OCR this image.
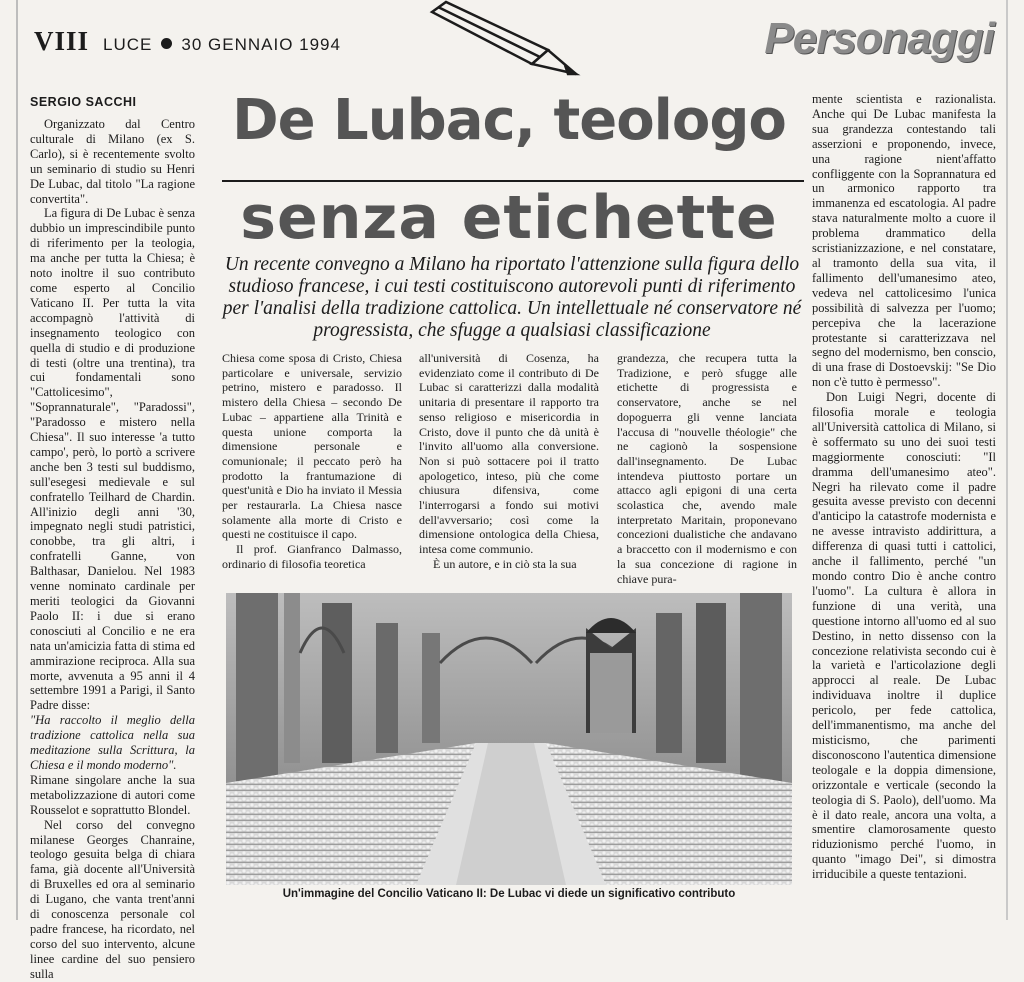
VIII LUCE 30 GENNAIO 1994	Personaggi
SERGIO SACCHI

Organizzato dal Centro culturale di Milano (ex S. Carlo), si è recentemente svolto un seminario di studio su Henri De Lubac, dal titolo "La ragione convertita".

La figura di De Lubac è senza dubbio un imprescindibile punto di riferimento per la teologia, ma anche per tutta la Chiesa; è noto inoltre il suo contributo come esperto al Concilio Vaticano II. Per tutta la vita accompagnò l'attività di insegnamento teologico con quella di studio e di produzione di testi (oltre una trentina), tra cui fondamentali sono "Cattolicesimo", "Soprannaturale", "Paradossi", "Paradosso e mistero nella Chiesa". Il suo interesse 'a tutto campo', però, lo portò a scrivere anche ben 3 testi sul buddismo, sull'esegesi medievale e sul confratello Teilhard de Chardin. All'inizio degli anni '30, impegnato negli studi patristici, conobbe, tra gli altri, i confratelli Ganne, von Balthasar, Danielou. Nel 1983 venne nominato cardinale per meriti teologici da Giovanni Paolo II: i due si erano conosciuti al Concilio e ne era nata un'amicizia fatta di stima ed ammirazione reciproca. Alla sua morte, avvenuta a 95 anni il 4 settembre 1991 a Parigi, il Santo Padre disse:

"Ha raccolto il meglio della tradizione cattolica nella sua meditazione sulla Scrittura, la Chiesa e il mondo moderno".

Rimane singolare anche la sua metabolizzazione di autori come Rousselot e soprattutto Blondel.

Nel corso del convegno milanese Georges Chanraine, teologo gesuita belga di chiara fama, già docente all'Università di Bruxelles ed ora al seminario di Lugano, che vanta trent'anni di conoscenza personale col padre francese, ha ricordato, nel corso del suo intervento, alcune linee cardine del suo pensiero sulla

De Lubac, teologo
senza etichette
Un recente convegno a Milano ha riportato l'attenzione sulla figura dello studioso francese, i cui testi costituiscono autorevoli punti di riferimento per l'analisi della tradizione cattolica. Un intellettuale né conservatore né progressista, che sfugge a qualsiasi classificazione

Chiesa come sposa di Cristo, Chiesa particolare e universale, servizio petrino, mistero e paradosso. Il mistero della Chiesa – secondo De Lubac – appartiene alla Trinità e questa unione comporta la dimensione personale e comunionale; il peccato però ha prodotto la frantumazione di quest'unità e Dio ha inviato il Messia per restaurarla. La Chiesa nasce solamente alla morte di Cristo e questi ne costituisce il capo.

Il prof. Gianfranco Dalmasso, ordinario di filosofia teoretica

all'università di Cosenza, ha evidenziato come il contributo di De Lubac si caratterizzi dalla modalità unitaria di presentare il rapporto tra senso religioso e misericordia in Cristo, dove il punto che dà unità è l'invito all'uomo alla conversione. Non si può sottacere poi il tratto apologetico, inteso, più che come chiusura difensiva, come l'interrogarsi a fondo sui motivi dell'avversario; così come la dimensione ontologica della Chiesa, intesa come communio.

È un autore, e in ciò sta la sua

grandezza, che recupera tutta la Tradizione, e però sfugge alle etichette di progressista e conservatore, anche se nel dopoguerra gli venne lanciata l'accusa di "nouvelle théologie" che ne cagionò la sospensione dall'insegnamento. De Lubac intendeva piuttosto portare un attacco agli epigoni di una certa scolastica che, avendo male interpretato Maritain, proponevano concezioni dualistiche che andavano a braccetto con il modernismo e con la sua concezione di ragione in chiave pura-

Un'immagine del Concilio Vaticano II: De Lubac vi diede un significativo contributo

mente scientista e razionalista. Anche qui De Lubac manifesta la sua grandezza contestando tali asserzioni e proponendo, invece, una ragione nient'affatto confliggente con la Soprannatura ed un armonico rapporto tra immanenza ed escatologia. Al padre stava naturalmente molto a cuore il problema drammatico della scristianizzazione, e nel constatare, al tramonto della sua vita, il fallimento dell'umanesimo ateo, vedeva nel cattolicesimo l'unica possibilità di salvezza per l'uomo; percepiva che la lacerazione protestante si caratterizzava nel segno del modernismo, ben conscio, di una frase di Dostoevskij: "Se Dio non c'è tutto è permesso".

Don Luigi Negri, docente di filosofia morale e teologia all'Università cattolica di Milano, si è soffermato su uno dei suoi testi maggiormente conosciuti: "Il dramma dell'umanesimo ateo". Negri ha rilevato come il padre gesuita avesse previsto con decenni d'anticipo la catastrofe modernista e ne avesse intravisto addirittura, a differenza di quasi tutti i cattolici, anche il fallimento, perché "un mondo contro Dio è anche contro l'uomo". La cultura è allora in funzione di una verità, una questione intorno all'uomo ed al suo Destino, in netto dissenso con la concezione relativista secondo cui è la varietà e l'articolazione degli approcci al reale. De Lubac individuava inoltre il duplice pericolo, per fede cattolica, dell'immanentismo, ma anche del misticismo, che parimenti disconoscono l'autentica dimensione teologale e la doppia dimensione, orizzontale e verticale (secondo la teologia di S. Paolo), dell'uomo. Ma è il dato reale, ancora una volta, a smentire clamorosamente questo riduzionismo perché l'uomo, in quanto "imago Dei", si dimostra irriducibile a queste tentazioni.
